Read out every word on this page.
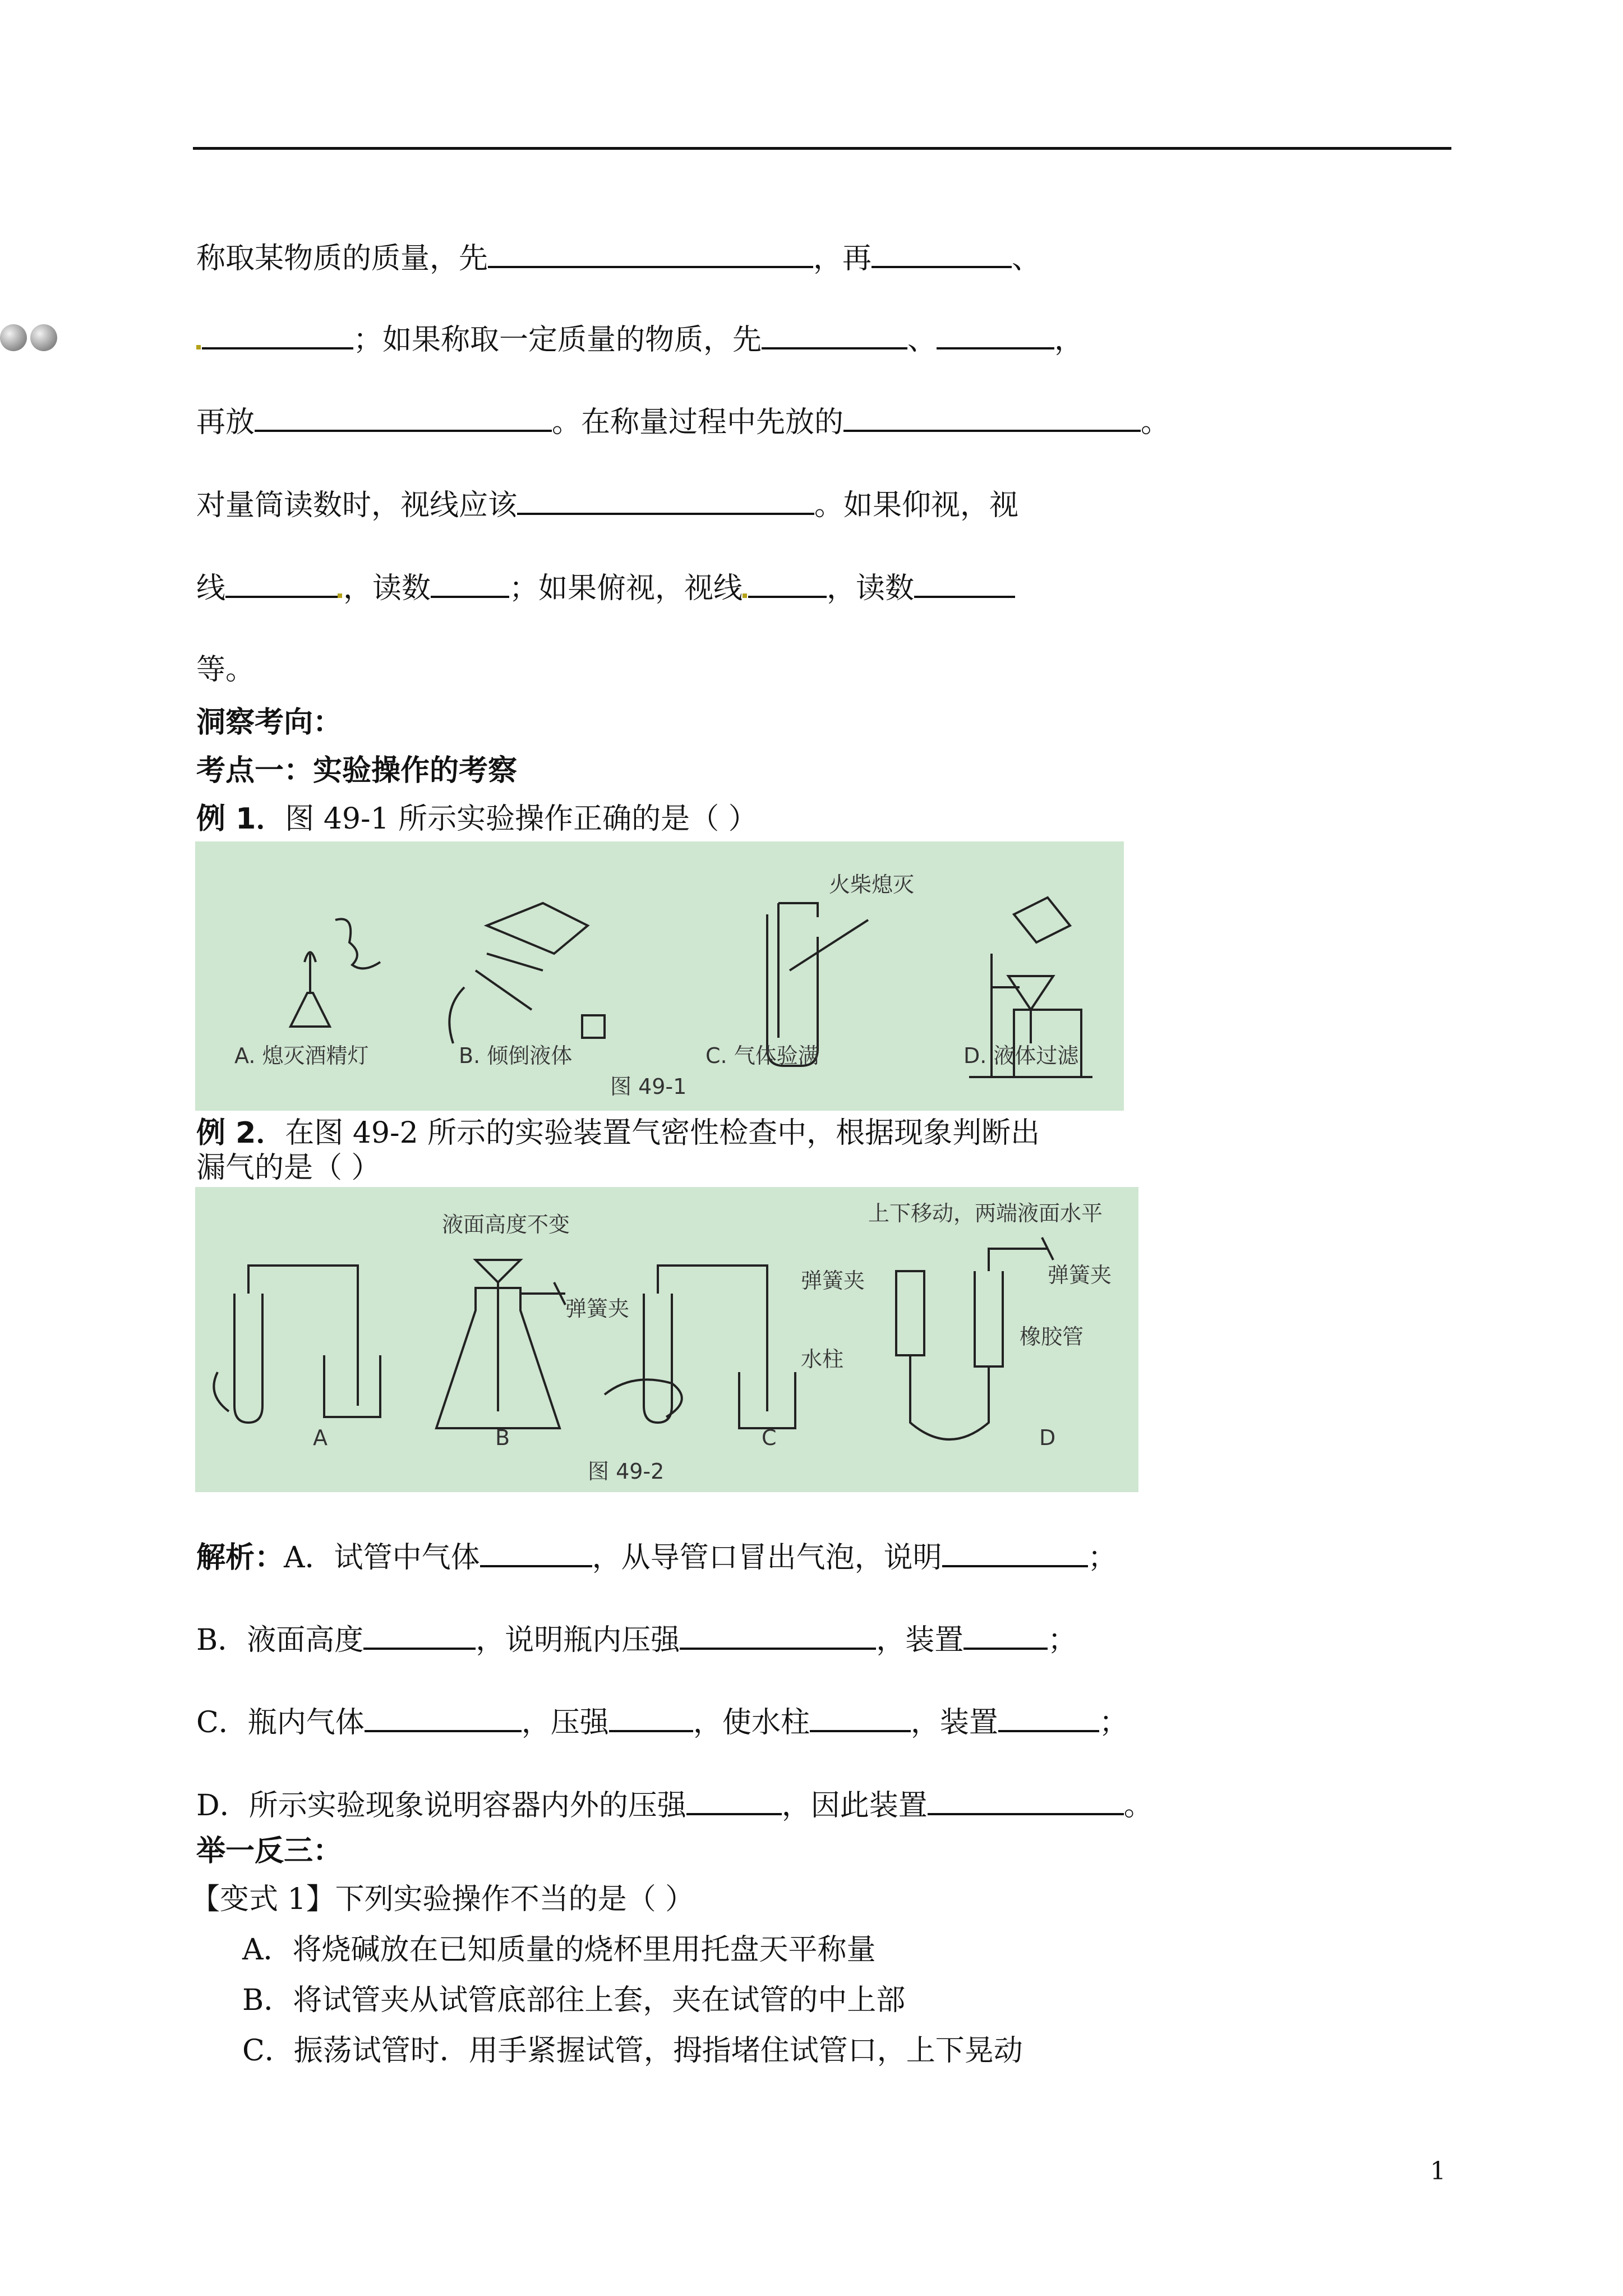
称取某物质的质量，先	，再	、
；如果称取一定质量的物质，先	、	，
再放	。在称量过程中先放的	。
对量筒读数时，视线应该	。如果仰视，视
线	，读数	；如果俯视，视线	，读数
等。
洞察考向：
考点一：实验操作的考察
例 1．图 49-1 所示实验操作正确的是（ ）
A. 熄灭酒精灯	B. 倾倒液体	C. 气体验满	D. 液体过滤
火柴熄灭
图 49-1
例 2．在图 49-2 所示的实验装置气密性检查中，根据现象判断出
漏气的是（ ）
A	B	C	D
液面高度不变
弹簧夹
弹簧夹
水柱
上下移动，两端液面水平
弹簧夹
橡胶管
图 49-2
解析：A．试管中气体	，从导管口冒出气泡，说明	；
B．液面高度	，说明瓶内压强	，装置	；
C．瓶内气体	，压强	，使水柱	，装置	；
D．所示实验现象说明容器内外的压强	，因此装置	。
举一反三：
【变式 1】下列实验操作不当的是（ ）
A．将烧碱放在已知质量的烧杯里用托盘天平称量
B．将试管夹从试管底部往上套，夹在试管的中上部
C．振荡试管时．用手紧握试管，拇指堵住试管口，上下晃动
1
